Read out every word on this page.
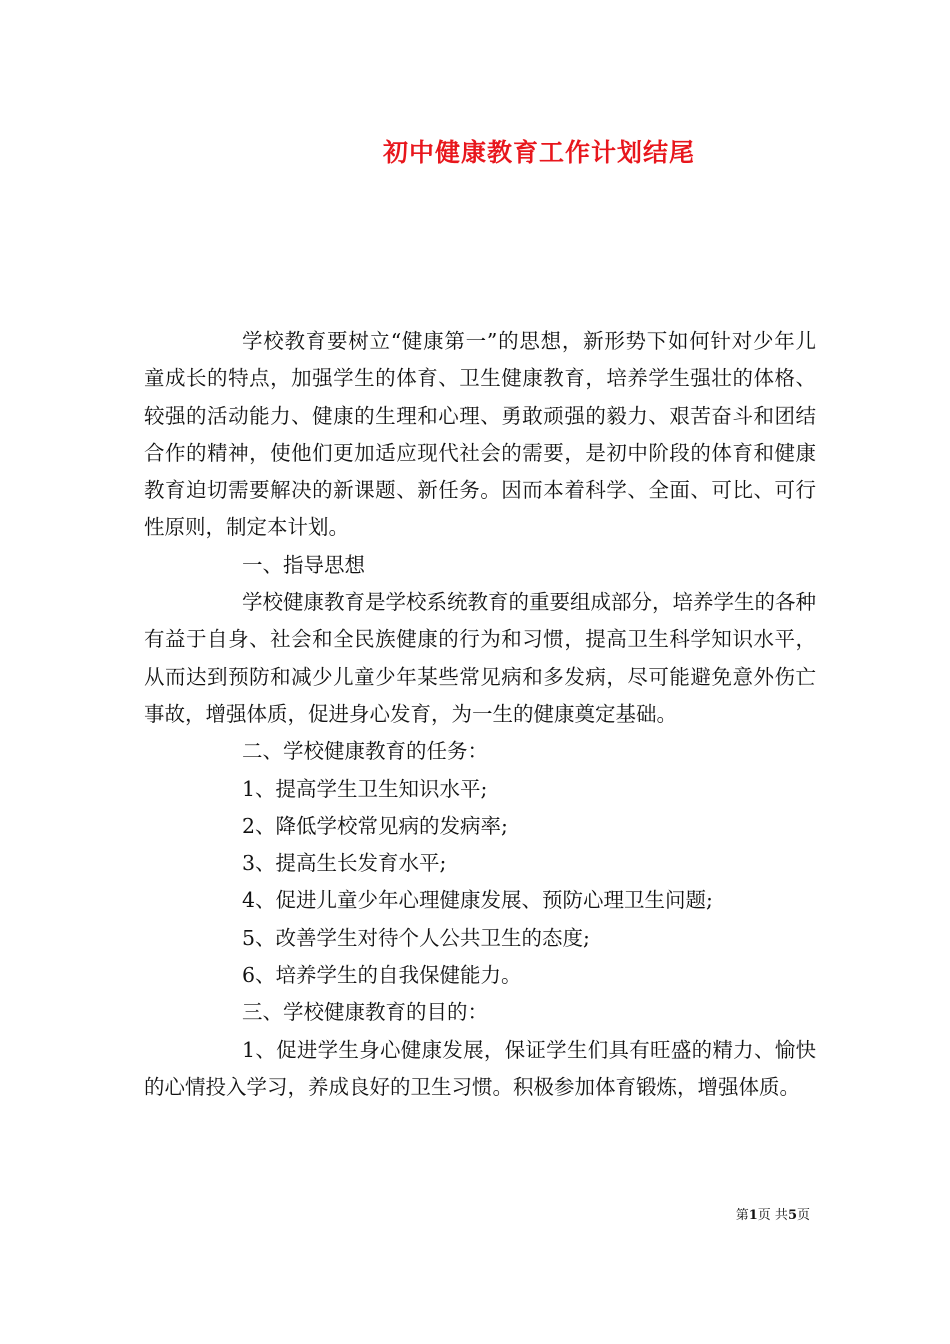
初中健康教育工作计划结尾

学校教育要树立“健康第一”的思想，新形势下如何针对少年儿童成长的特点，加强学生的体育、卫生健康教育，培养学生强壮的体格、较强的活动能力、健康的生理和心理、勇敢顽强的毅力、艰苦奋斗和团结合作的精神，使他们更加适应现代社会的需要，是初中阶段的体育和健康教育迫切需要解决的新课题、新任务。因而本着科学、全面、可比、可行性原则，制定本计划。

一、指导思想

学校健康教育是学校系统教育的重要组成部分，培养学生的各种有益于自身、社会和全民族健康的行为和习惯，提高卫生科学知识水平，从而达到预防和减少儿童少年某些常见病和多发病，尽可能避免意外伤亡事故，增强体质，促进身心发育，为一生的健康奠定基础。

二、学校健康教育的任务：

1、提高学生卫生知识水平;

2、降低学校常见病的发病率;

3、提高生长发育水平;

4、促进儿童少年心理健康发展、预防心理卫生问题;

5、改善学生对待个人公共卫生的态度;

6、培养学生的自我保健能力。

三、学校健康教育的目的：

1、促进学生身心健康发展，保证学生们具有旺盛的精力、愉快的心情投入学习，养成良好的卫生习惯。积极参加体育锻炼，增强体质。

第1页 共5页
